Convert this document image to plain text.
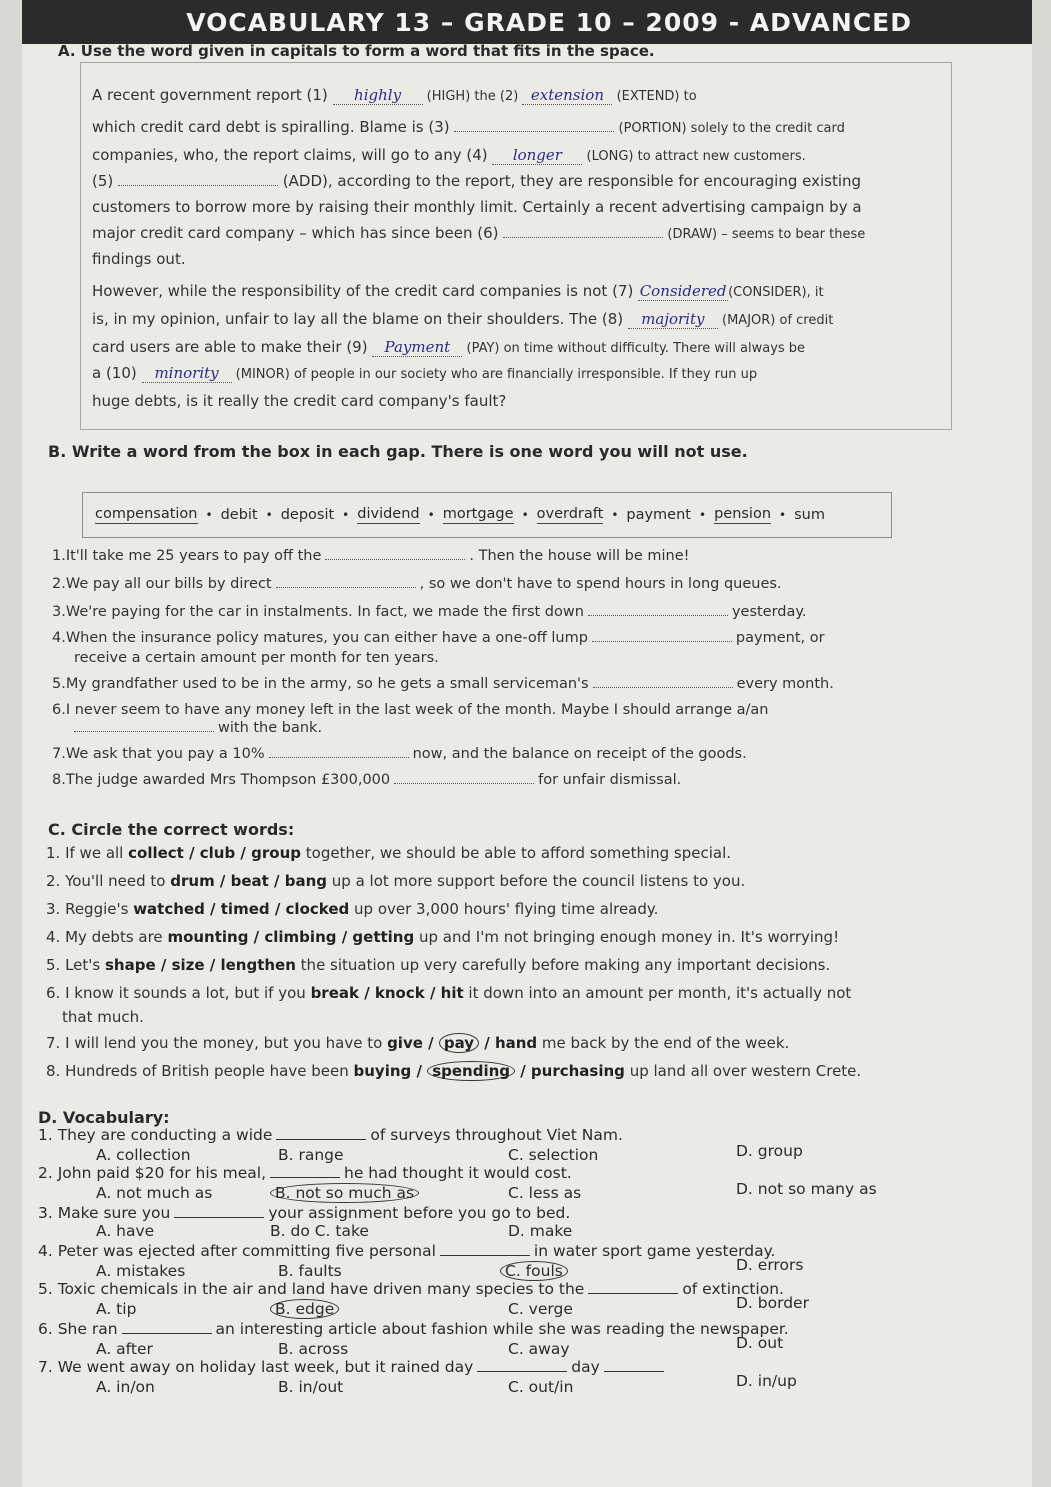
VOCABULARY 13 – GRADE 10 – 2009 - ADVANCED
A. Use the word given in capitals to form a word that fits in the space.
A recent government report (1) highly (HIGH) the (2) extension (EXTEND) to
which credit card debt is spiralling. Blame is (3)	(PORTION) solely to the credit card
companies, who, the report claims, will go to any (4) longer (LONG) to attract new customers.
(5)	(ADD), according to the report, they are responsible for encouraging existing
customers to borrow more by raising their monthly limit. Certainly a recent advertising campaign by a
major credit card company – which has since been (6)	(DRAW) – seems to bear these
findings out.
However, while the responsibility of the credit card companies is not (7) Considered (CONSIDER), it
is, in my opinion, unfair to lay all the blame on their shoulders. The (8) majority (MAJOR) of credit
card users are able to make their (9) Payment (PAY) on time without difficulty. There will always be
a (10) minority (MINOR) of people in our society who are financially irresponsible. If they run up
huge debts, is it really the credit card company's fault?
B. Write a word from the box in each gap. There is one word you will not use.
compensation • debit • deposit • dividend • mortgage • overdraft • payment • pension • sum
1.It'll take me 25 years to pay off the	. Then the house will be mine!
2.We pay all our bills by direct	, so we don't have to spend hours in long queues.
3.We're paying for the car in instalments. In fact, we made the first down	yesterday.
4.When the insurance policy matures, you can either have a one-off lump	payment, or
receive a certain amount per month for ten years.
5.My grandfather used to be in the army, so he gets a small serviceman's	every month.
6.I never seem to have any money left in the last week of the month. Maybe I should arrange a/an
with the bank.
7.We ask that you pay a 10%	now, and the balance on receipt of the goods.
8.The judge awarded Mrs Thompson £300,000	for unfair dismissal.
C. Circle the correct words:
1. If we all collect / club / group together, we should be able to afford something special.
2. You'll need to drum / beat / bang up a lot more support before the council listens to you.
3. Reggie's watched / timed / clocked up over 3,000 hours' flying time already.
4. My debts are mounting / climbing / getting up and I'm not bringing enough money in. It's worrying!
5. Let's shape / size / lengthen the situation up very carefully before making any important decisions.
6. I know it sounds a lot, but if you break / knock / hit it down into an amount per month, it's actually not
that much.
7. I will lend you the money, but you have to give / pay / hand me back by the end of the week.
8. Hundreds of British people have been buying / spending / purchasing up land all over western Crete.
D. Vocabulary:
1. They are conducting a wide	of surveys throughout Viet Nam.
A. collection	B. range	C. selection	D. group
2. John paid $20 for his meal,	he had thought it would cost.
A. not much as	B. not so much as	C. less as	D. not so many as
3. Make sure you	your assignment before you go to bed.
A. have	B. do C. take	D. make
4. Peter was ejected after committing five personal	in water sport game yesterday.
A. mistakes	B. faults	C. fouls	D. errors
5. Toxic chemicals in the air and land have driven many species to the	of extinction.
A. tip	B. edge	C. verge	D. border
6. She ran	an interesting article about fashion while she was reading the newspaper.
A. after	B. across	C. away	D. out
7. We went away on holiday last week, but it rained day	day
A. in/on	B. in/out	C. out/in	D. in/up
